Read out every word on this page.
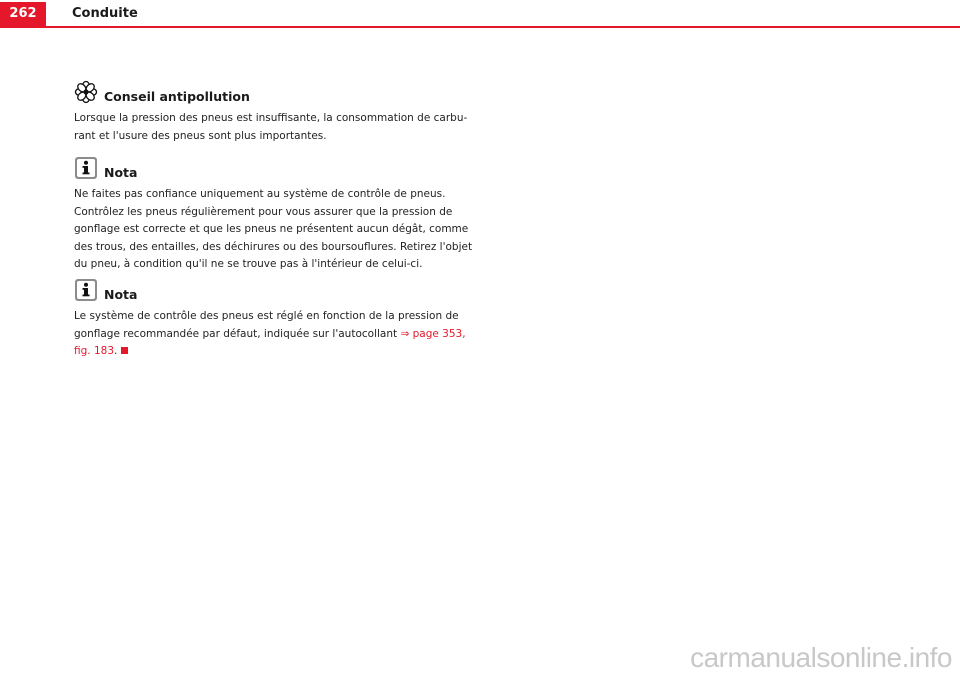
262	Conduite
Conseil antipollution

Lorsque la pression des pneus est insuffisante, la consommation de carbu-
rant et l'usure des pneus sont plus importantes.

Nota

Ne faites pas confiance uniquement au système de contrôle de pneus.
Contrôlez les pneus régulièrement pour vous assurer que la pression de
gonflage est correcte et que les pneus ne présentent aucun dégât, comme
des trous, des entailles, des déchirures ou des boursouflures. Retirez l'objet
du pneu, à condition qu'il ne se trouve pas à l'intérieur de celui-ci.

Nota

Le système de contrôle des pneus est réglé en fonction de la pression de
gonflage recommandée par défaut, indiquée sur l'autocollant ⇒ page 353,
fig. 183.

carmanualsonline.info
